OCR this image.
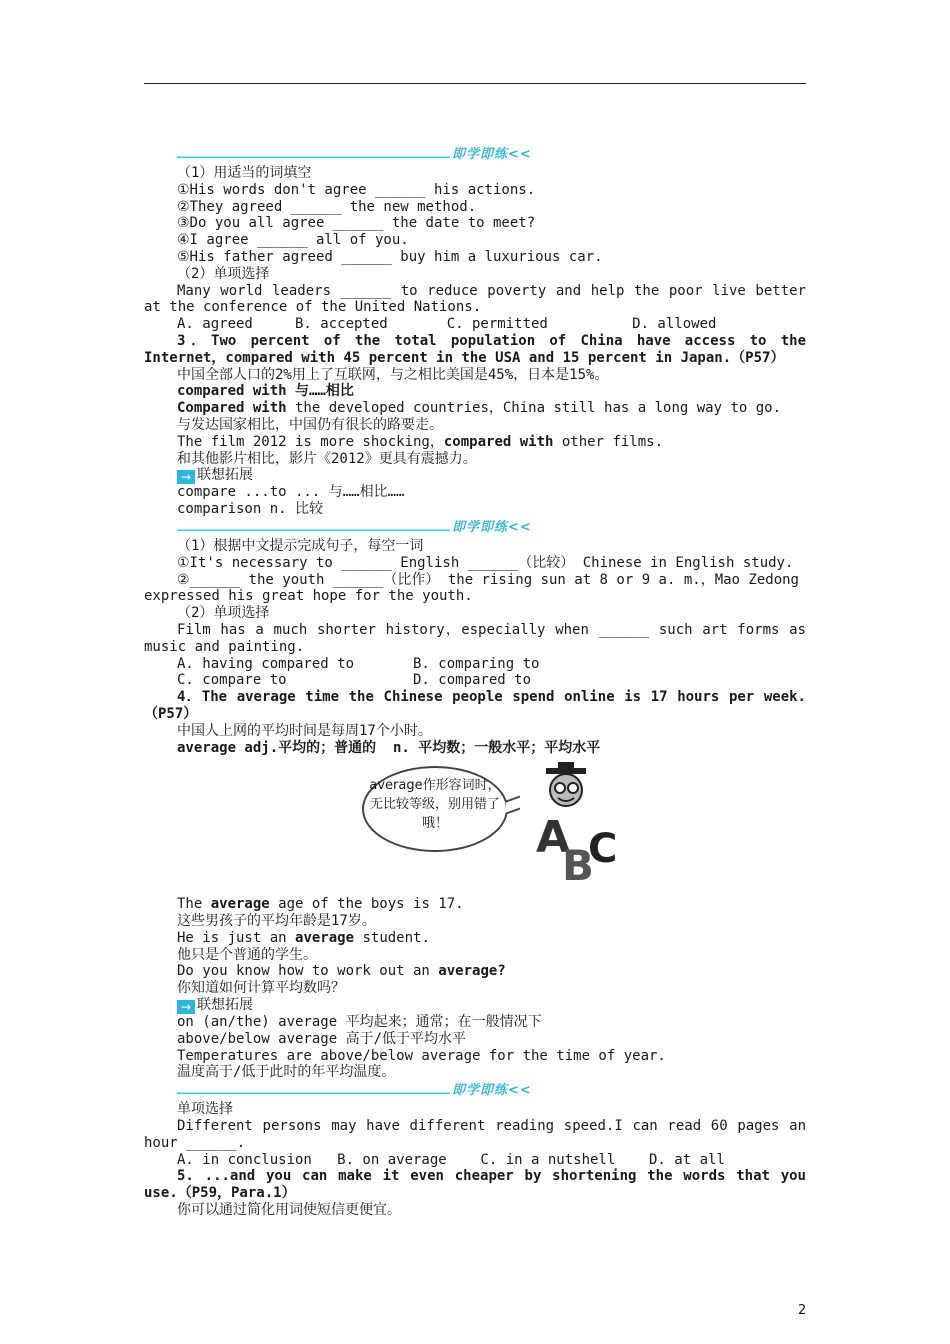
即学即练<<
（1）用适当的词填空
①His words don't agree ______ his actions.
②They agreed ______ the new method.
③Do you all agree ______ the date to meet?
④I agree ______ all of you.
⑤His father agreed ______ buy him a luxurious car.
（2）单项选择
Many world leaders ______ to reduce poverty and help the poor live better
at the conference of the United Nations.
A. agreed     B. accepted       C. permitted          D. allowed
3．Two percent of the total population of China have access to the
Internet，compared with 45 percent in the USA and 15 percent in Japan.（P57）
中国全部人口的2%用上了互联网，与之相比美国是45%，日本是15%。
compared with 与……相比
Compared with the developed countries，China still has a long way to go.
与发达国家相比，中国仍有很长的路要走。
The film 2012 is more shocking，compared with other films.
和其他影片相比，影片《2012》更具有震撼力。
→ 联想拓展
compare ...to ... 与……相比……
comparison n. 比较
即学即练<<
（1）根据中文提示完成句子，每空一词
①It's necessary to ______ English ______（比较） Chinese in English study.
②______ the youth ______（比作） the rising sun at 8 or 9 a. m.，Mao Zedong
expressed his great hope for the youth.
（2）单项选择
Film has a much shorter history，especially when ______ such art forms as
music and painting.
A. having compared to       B. comparing to
C. compare to               D. compared to
4．The average time the Chinese people spend online is 17 hours per week.
（P57）
中国人上网的平均时间是每周17个小时。
average adj.平均的；普通的  n. 平均数；一般水平；平均水平
average作形容词时，无比较等级，别用错了哦！	A
B
C
The average age of the boys is 17.
这些男孩子的平均年龄是17岁。
He is just an average student.
他只是个普通的学生。
Do you know how to work out an average?
你知道如何计算平均数吗？
→ 联想拓展
on (an/the) average 平均起来；通常；在一般情况下
above/below average 高于/低于平均水平
Temperatures are above/below average for the time of year.
温度高于/低于此时的年平均温度。
即学即练<<
单项选择
Different persons may have different reading speed.I can read 60 pages an
hour ______.
A. in conclusion   B. on average    C. in a nutshell    D. at all
5. ...and you can make it even cheaper by shortening the words that you
use.（P59，Para.1）
你可以通过简化用词使短信更便宜。
2
